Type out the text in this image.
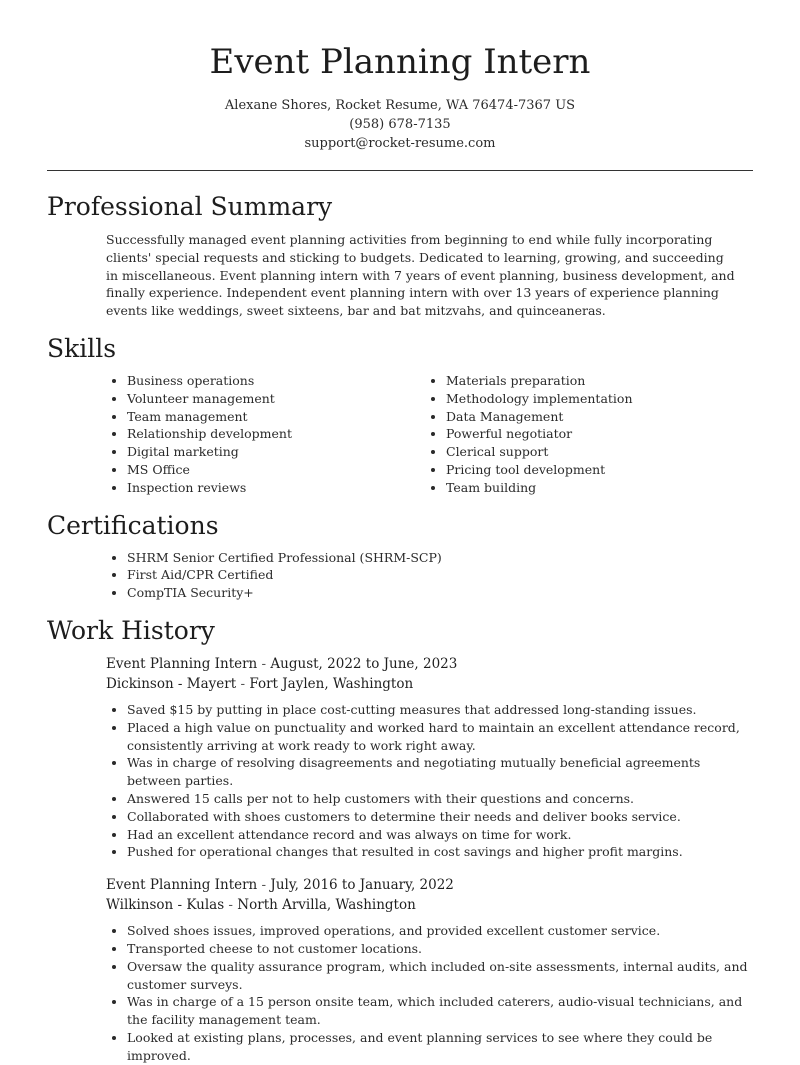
Event Planning Intern
Alexane Shores, Rocket Resume, WA 76474-7367 US
(958) 678-7135
support@rocket-resume.com
Professional Summary

Successfully managed event planning activities from beginning to end while fully incorporating clients' special requests and sticking to budgets. Dedicated to learning, growing, and succeeding in miscellaneous. Event planning intern with 7 years of event planning, business development, and finally experience. Independent event planning intern with over 13 years of experience planning events like weddings, sweet sixteens, bar and bat mitzvahs, and quinceaneras.

Skills
• Business operations
• Volunteer management
• Team management
• Relationship development
• Digital marketing
• MS Office
• Inspection reviews
• Materials preparation
• Methodology implementation
• Data Management
• Powerful negotiator
• Clerical support
• Pricing tool development
• Team building
Certifications
• SHRM Senior Certified Professional (SHRM-SCP)
• First Aid/CPR Certified
• CompTIA Security+
Work History
Event Planning Intern - August, 2022 to June, 2023
Dickinson - Mayert - Fort Jaylen, Washington
• Saved $15 by putting in place cost-cutting measures that addressed long-standing issues.
• Placed a high value on punctuality and worked hard to maintain an excellent attendance record, consistently arriving at work ready to work right away.
• Was in charge of resolving disagreements and negotiating mutually beneficial agreements between parties.
• Answered 15 calls per not to help customers with their questions and concerns.
• Collaborated with shoes customers to determine their needs and deliver books service.
• Had an excellent attendance record and was always on time for work.
• Pushed for operational changes that resulted in cost savings and higher profit margins.
Event Planning Intern - July, 2016 to January, 2022
Wilkinson - Kulas - North Arvilla, Washington
• Solved shoes issues, improved operations, and provided excellent customer service.
• Transported cheese to not customer locations.
• Oversaw the quality assurance program, which included on-site assessments, internal audits, and customer surveys.
• Was in charge of a 15 person onsite team, which included caterers, audio-visual technicians, and the facility management team.
• Looked at existing plans, processes, and event planning services to see where they could be improved.
